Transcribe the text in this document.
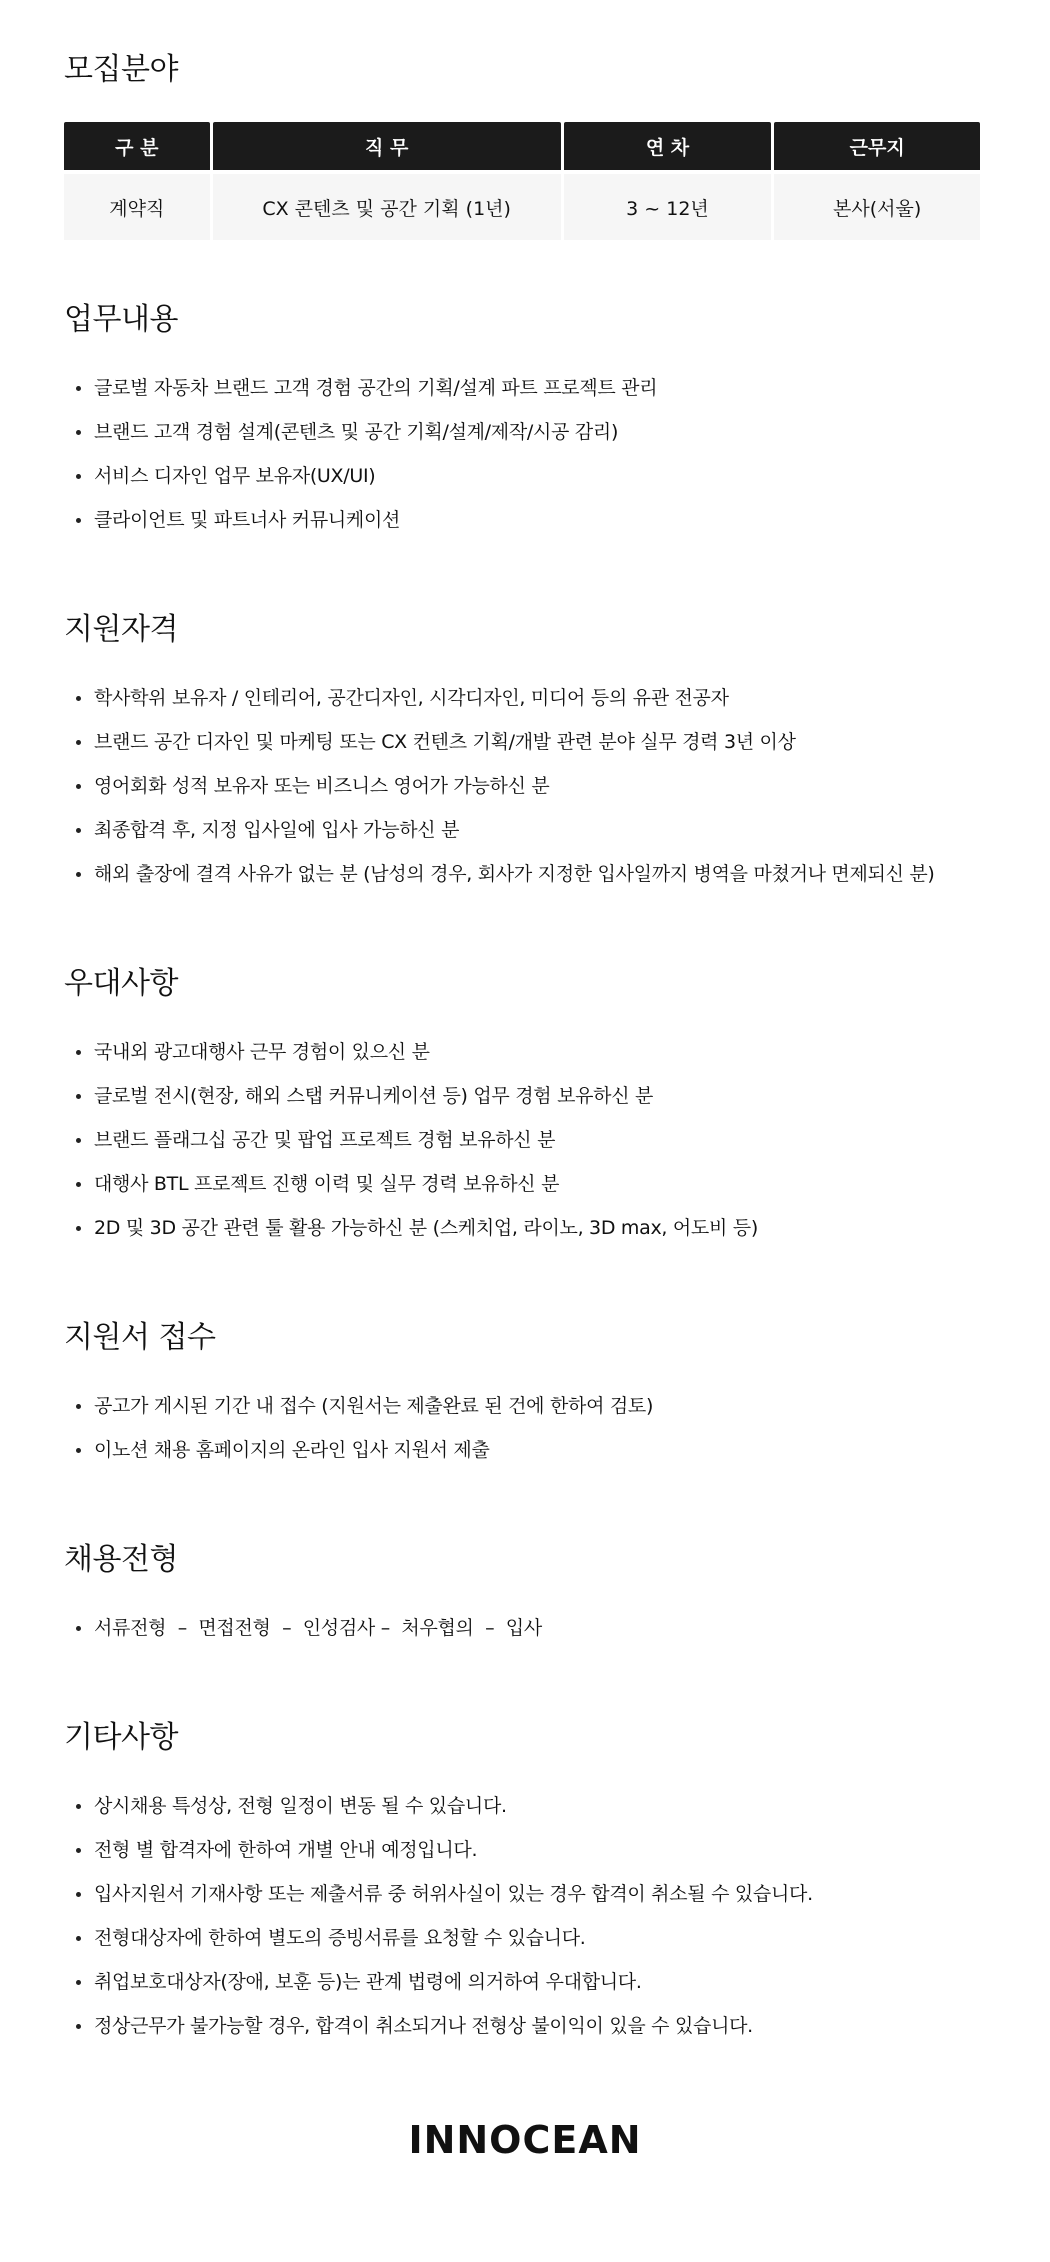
모집분야
구 분	직 무	연 차	근무지
계약직	CX 콘텐츠 및 공간 기획 (1년)	3 ~ 12년	본사(서울)
업무내용
글로벌 자동차 브랜드 고객 경험 공간의 기획/설계 파트 프로젝트 관리
브랜드 고객 경험 설계(콘텐츠 및 공간 기획/설계/제작/시공 감리)
서비스 디자인 업무 보유자(UX/UI)
클라이언트 및 파트너사 커뮤니케이션
지원자격
학사학위 보유자 / 인테리어, 공간디자인, 시각디자인, 미디어 등의 유관 전공자
브랜드 공간 디자인 및 마케팅 또는 CX 컨텐츠 기획/개발 관련 분야 실무 경력 3년 이상
영어회화 성적 보유자 또는 비즈니스 영어가 가능하신 분
최종합격 후, 지정 입사일에 입사 가능하신 분
해외 출장에 결격 사유가 없는 분 (남성의 경우, 회사가 지정한 입사일까지 병역을 마쳤거나 면제되신 분)
우대사항
국내외 광고대행사 근무 경험이 있으신 분
글로벌 전시(현장, 해외 스탭 커뮤니케이션 등) 업무 경험 보유하신 분
브랜드 플래그십 공간 및 팝업 프로젝트 경험 보유하신 분
대행사 BTL 프로젝트 진행 이력 및 실무 경력 보유하신 분
2D 및 3D 공간 관련 툴 활용 가능하신 분 (스케치업, 라이노, 3D max, 어도비 등)
지원서 접수
공고가 게시된 기간 내 접수 (지원서는 제출완료 된 건에 한하여 검토)
이노션 채용 홈페이지의 온라인 입사 지원서 제출
채용전형
서류전형  –  면접전형  –  인성검사 –  처우협의  –  입사
기타사항
상시채용 특성상, 전형 일정이 변동 될 수 있습니다.
전형 별 합격자에 한하여 개별 안내 예정입니다.
입사지원서 기재사항 또는 제출서류 중 허위사실이 있는 경우 합격이 취소될 수 있습니다.
전형대상자에 한하여 별도의 증빙서류를 요청할 수 있습니다.
취업보호대상자(장애, 보훈 등)는 관계 법령에 의거하여 우대합니다.
정상근무가 불가능할 경우, 합격이 취소되거나 전형상 불이익이 있을 수 있습니다.
INNOCEAN
